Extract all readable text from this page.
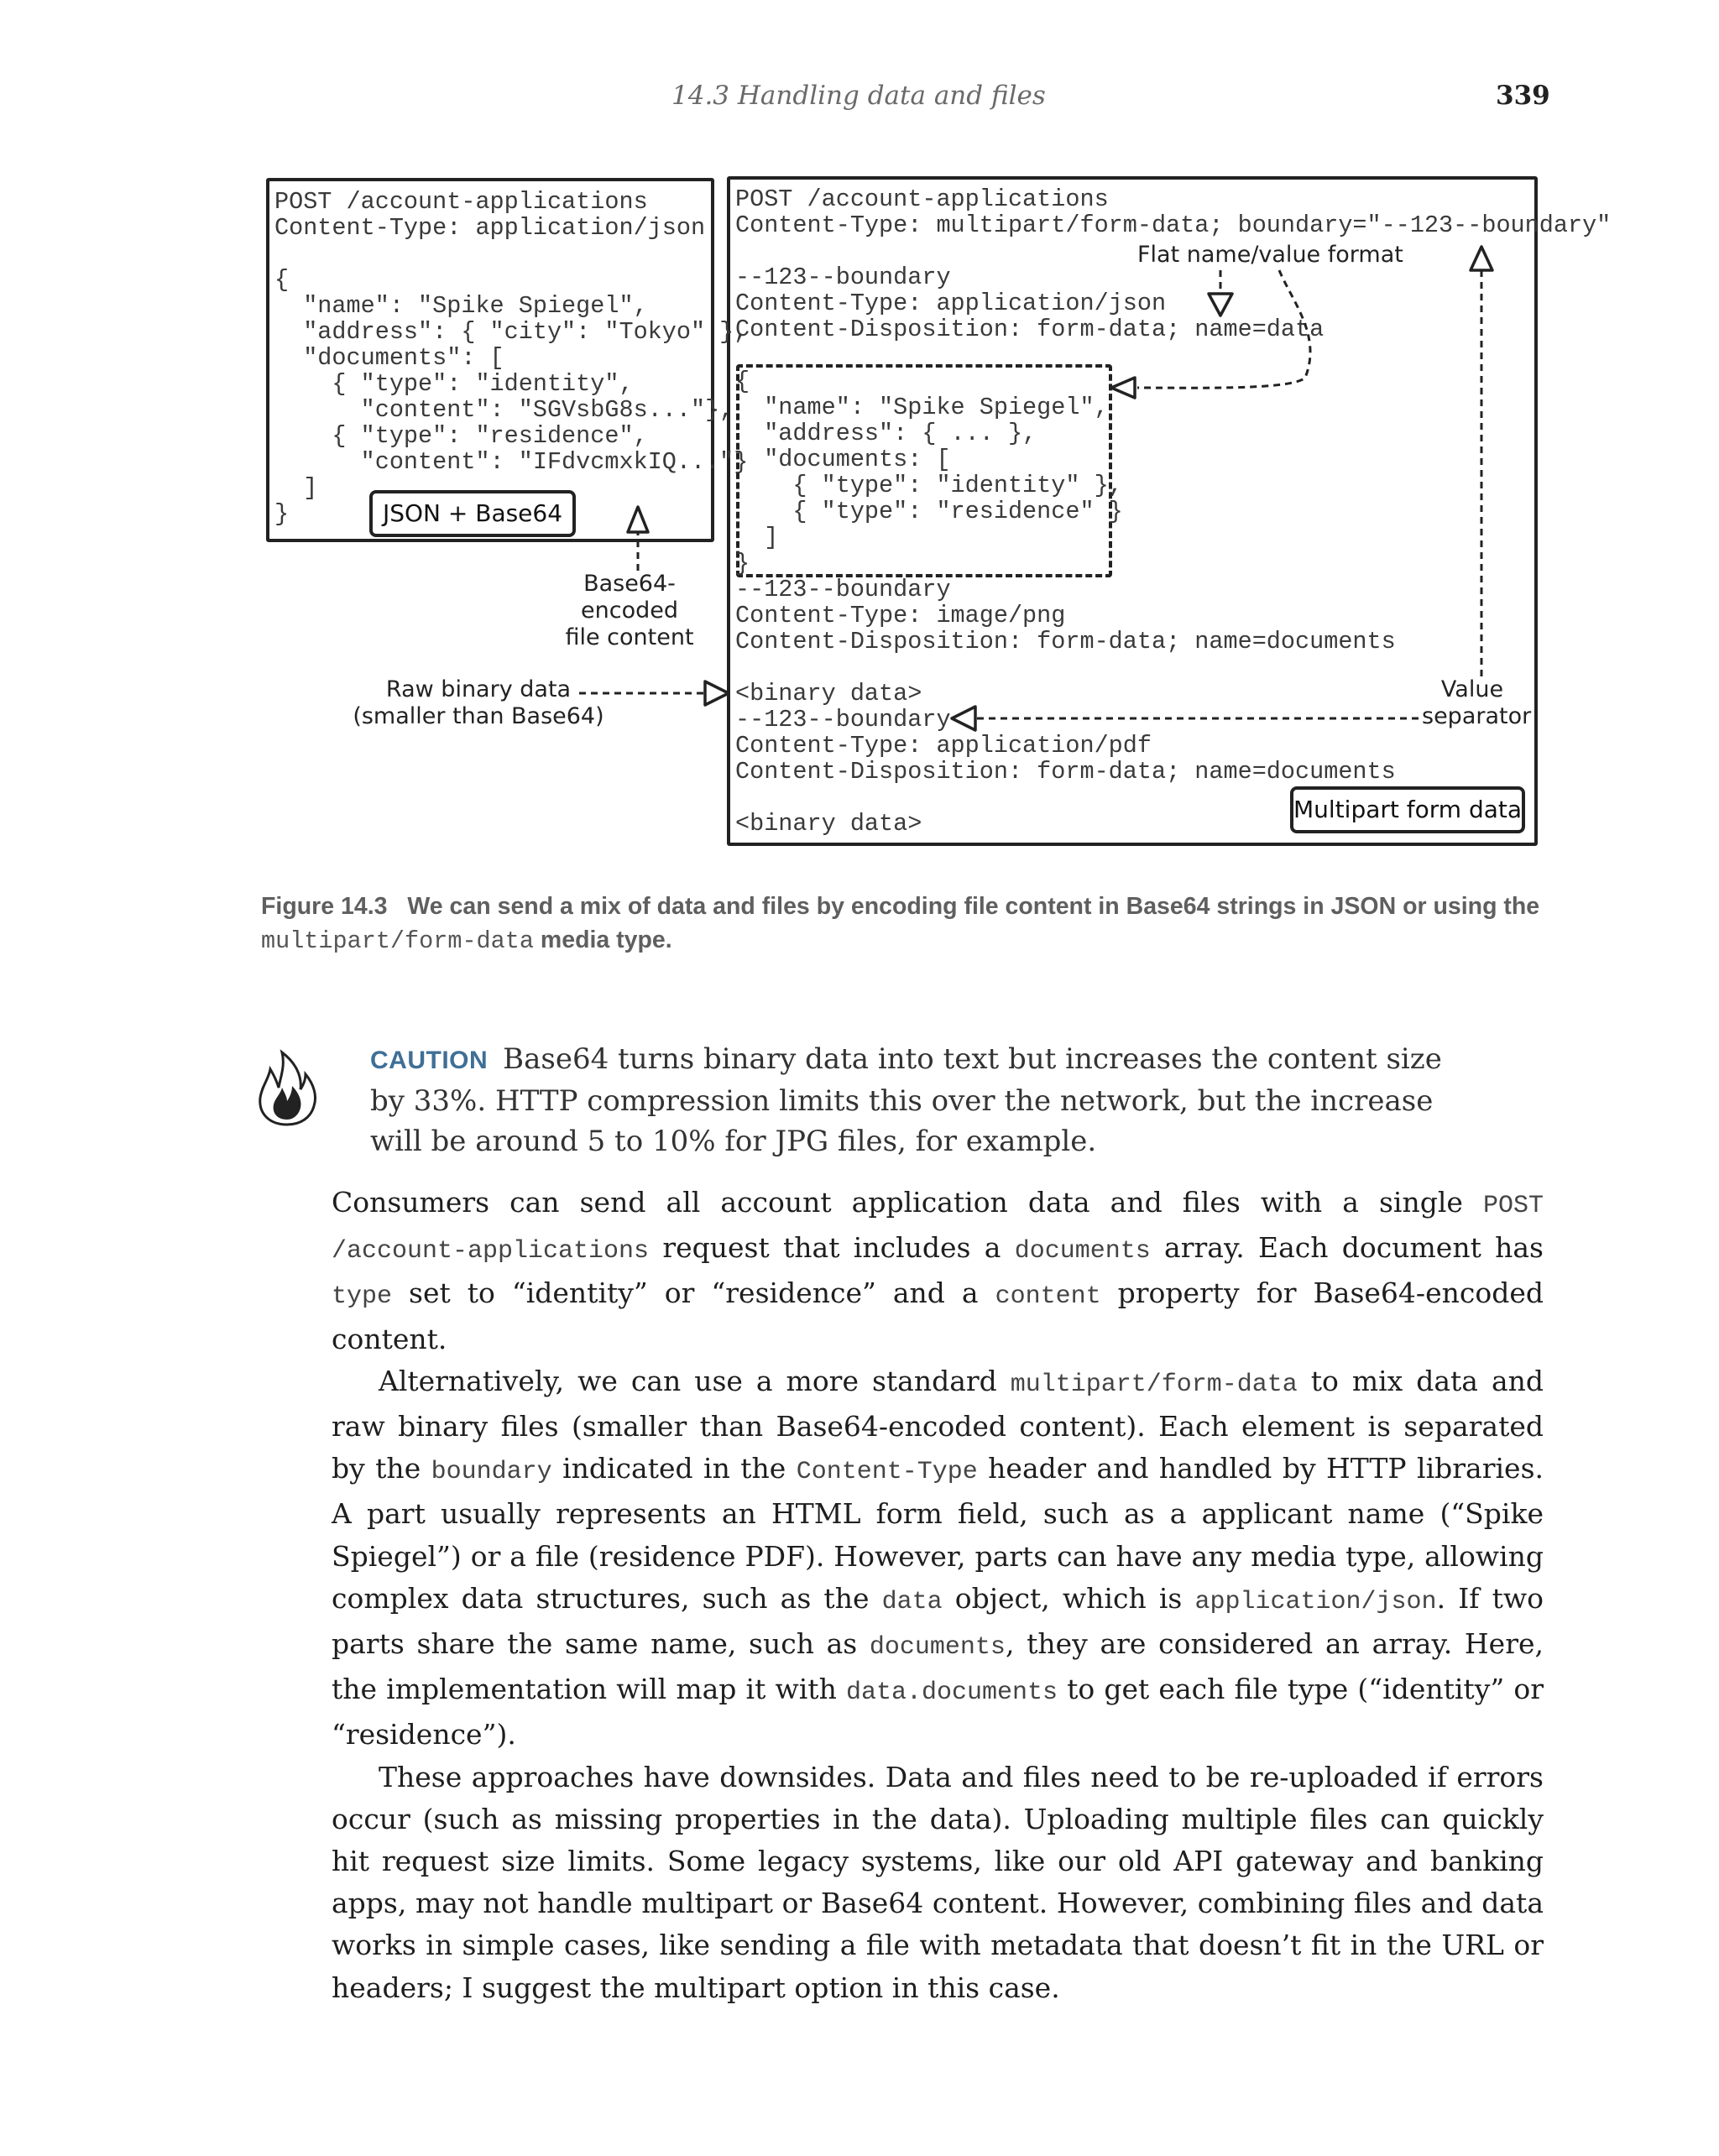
14.3 Handling data and files	339
POST /account-applications
Content-Type: application/json

{
"name": "Spike Spiegel",
"address": { "city": "Tokyo" },
"documents": [
{ "type": "identity",
"content": "SGVsbG8s..."},
{ "type": "residence",
"content": "IFdvcmxkIQ..."}
]
}
POST /account-applications
Content-Type: multipart/form-data; boundary="--123--boundary"

--123--boundary
Content-Type: application/json
Content-Disposition: form-data; name=data

{
"name": "Spike Spiegel",
"address": { ... },
"documents: [
{ "type": "identity" },
{ "type": "residence" }
]
}
--123--boundary
Content-Type: image/png
Content-Disposition: form-data; name=documents

<binary data>
--123--boundary
Content-Type: application/pdf
Content-Disposition: form-data; name=documents

<binary data>
JSON + Base64
Multipart form data
Flat name/value format
Base64-encoded
file content
Raw binary data
(smaller than Base64)
Value
separator
Figure 14.3 We can send a mix of data and files by encoding file content in Base64 strings in JSON or using the multipart/form-data media type.
CAUTION Base64 turns binary data into text but increases the content size by 33%. HTTP compression limits this over the network, but the increase will be around 5 to 10% for JPG files, for example.

Consumers can send all account application data and files with a single POST /account-applications request that includes a documents array. Each document has type set to “identity” or “residence” and a content property for Base64-encoded content.

Alternatively, we can use a more standard multipart/form-data to mix data and raw binary files (smaller than Base64-encoded content). Each element is separated by the boundary indicated in the Content-Type header and handled by HTTP libraries. A part usually represents an HTML form field, such as a applicant name (“Spike Spiegel”) or a file (residence PDF). However, parts can have any media type, allowing complex data structures, such as the data object, which is application/json. If two parts share the same name, such as documents, they are considered an array. Here, the implementation will map it with data.documents to get each file type (“identity” or “residence”).

These approaches have downsides. Data and files need to be re-uploaded if errors occur (such as missing properties in the data). Uploading multiple files can quickly hit request size limits. Some legacy systems, like our old API gateway and banking apps, may not handle multipart or Base64 content. However, combining files and data works in simple cases, like sending a file with metadata that doesn’t fit in the URL or headers; I suggest the multipart option in this case.
